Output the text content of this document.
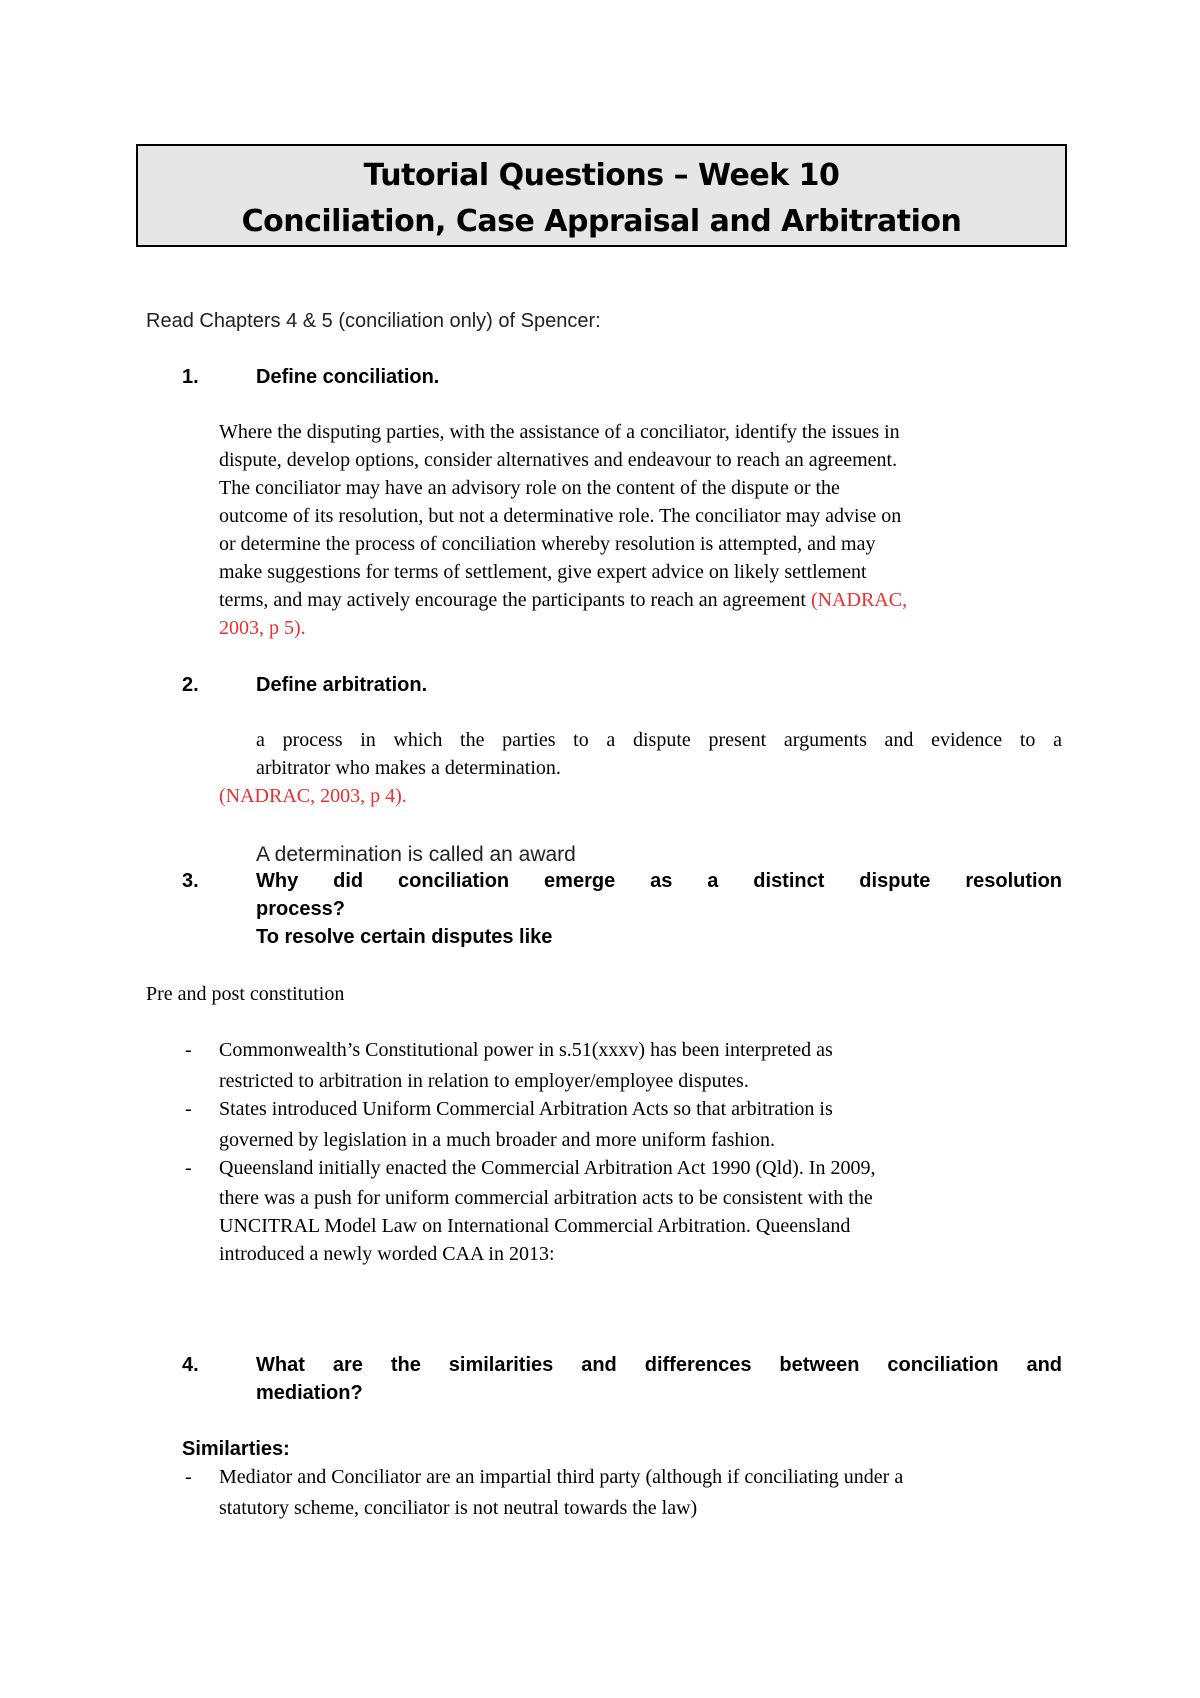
Tutorial Questions – Week 10
Conciliation, Case Appraisal and Arbitration
Read Chapters 4 & 5 (conciliation only) of Spencer:
1.	Define conciliation.
Where the disputing parties, with the assistance of a conciliator, identify the issues in
dispute, develop options, consider alternatives and endeavour to reach an agreement.
The conciliator may have an advisory role on the content of the dispute or the
outcome of its resolution, but not a determinative role. The conciliator may advise on
or determine the process of conciliation whereby resolution is attempted, and may
make suggestions for terms of settlement, give expert advice on likely settlement
terms, and may actively encourage the participants to reach an agreement (NADRAC,
2003, p 5).
2.	Define arbitration.
a process in which the parties to a dispute present arguments and evidence to a
arbitrator who makes a determination.
(NADRAC, 2003, p 4).
A determination is called an award
3.	Why did conciliation emerge as a distinct dispute resolution
process?
To resolve certain disputes like
Pre and post constitution
- Commonwealth’s Constitutional power in s.51(xxxv) has been interpreted as
restricted to arbitration in relation to employer/employee disputes.
- States introduced Uniform Commercial Arbitration Acts so that arbitration is
governed by legislation in a much broader and more uniform fashion.
- Queensland initially enacted the Commercial Arbitration Act 1990 (Qld). In 2009,
there was a push for uniform commercial arbitration acts to be consistent with the
UNCITRAL Model Law on International Commercial Arbitration. Queensland
introduced a newly worded CAA in 2013:
4.	What are the similarities and differences between conciliation and
mediation?
Similarties:
- Mediator and Conciliator are an impartial third party (although if conciliating under a
statutory scheme, conciliator is not neutral towards the law)
